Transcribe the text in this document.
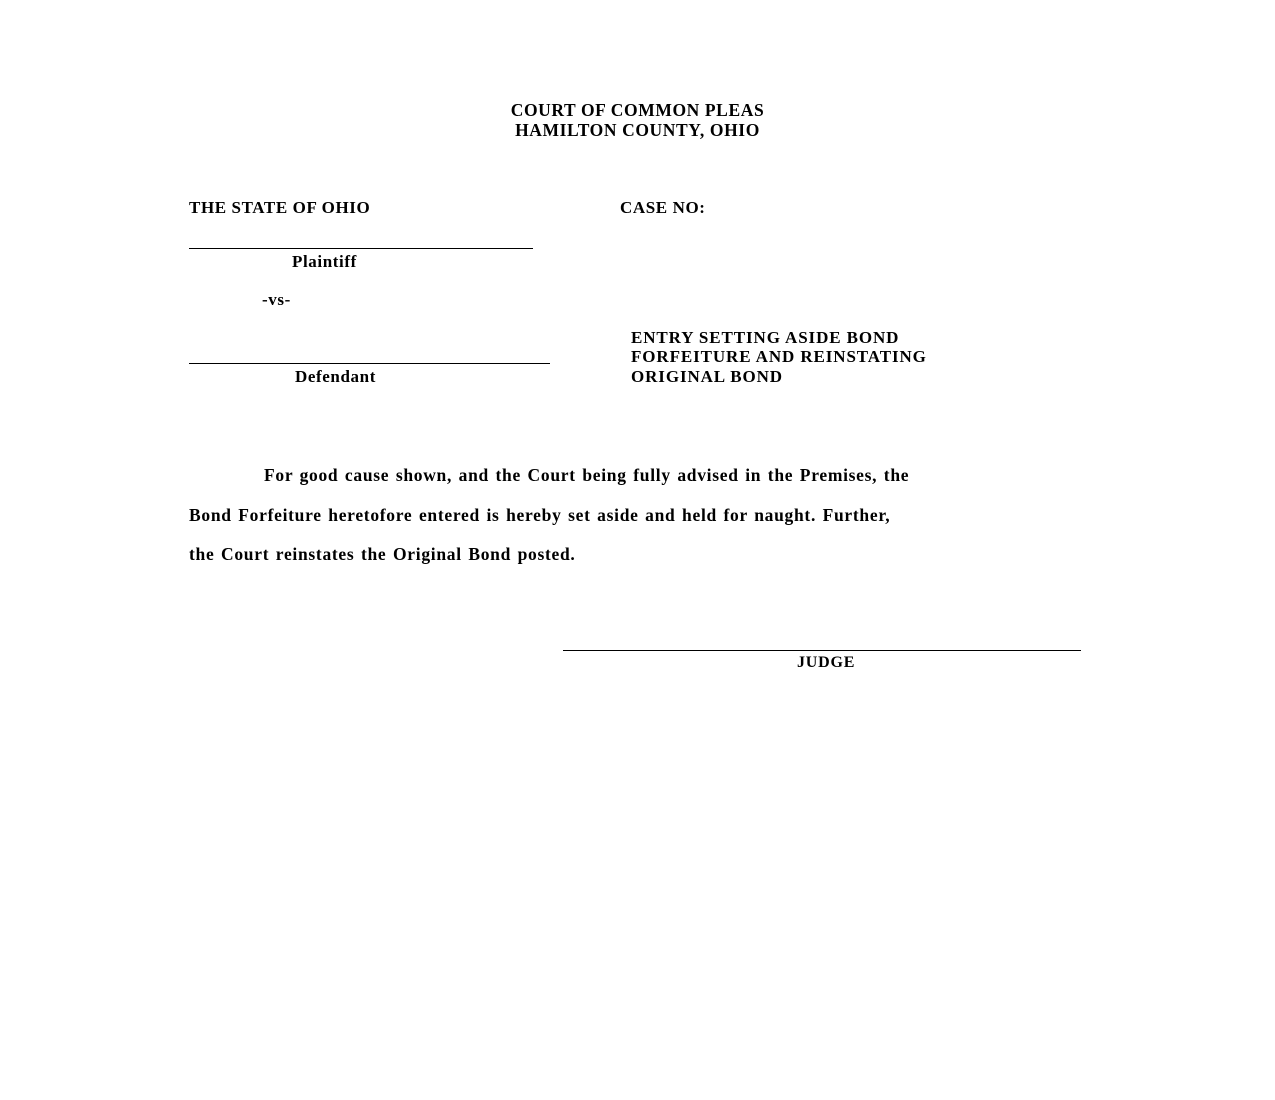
COURT OF COMMON PLEAS
HAMILTON COUNTY, OHIO
THE STATE OF OHIO
Plaintiff
-vs-
Defendant
CASE NO:
ENTRY SETTING ASIDE BOND
FORFEITURE AND REINSTATING
ORIGINAL BOND
For good cause shown, and the Court being fully advised in the Premises, the
Bond Forfeiture heretofore entered is hereby set aside and held for naught. Further,
the Court reinstates the Original Bond posted.
JUDGE
